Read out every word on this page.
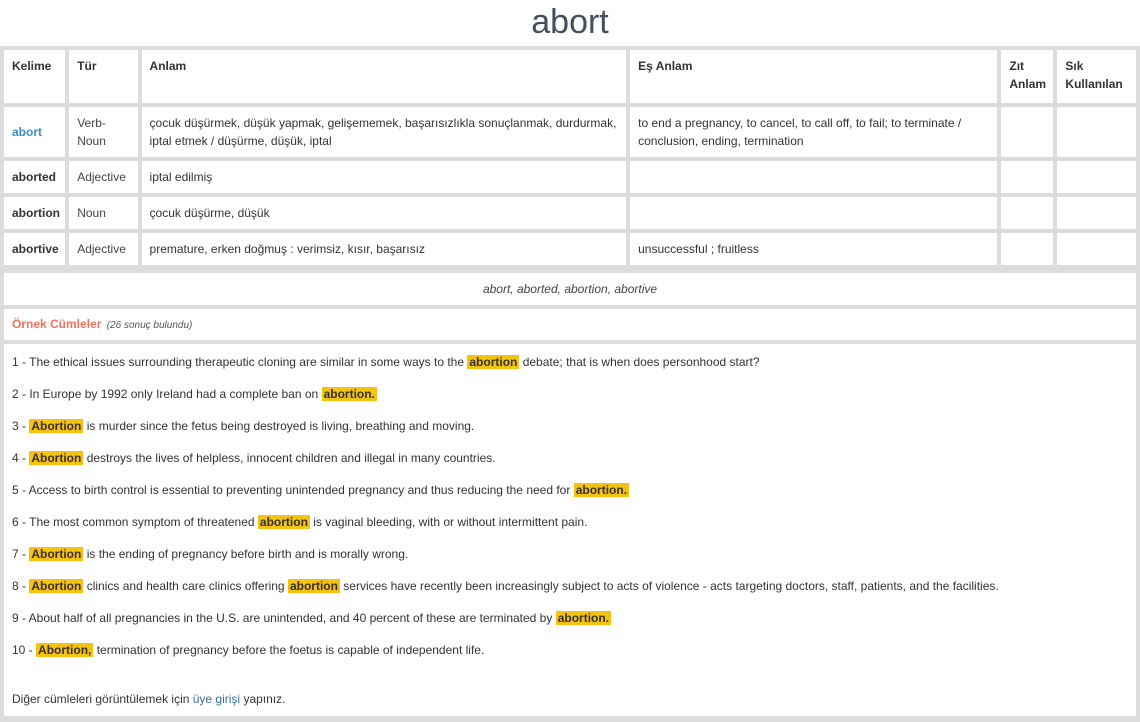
abort
Kelime	Tür	Anlam	Eş Anlam	Zıt Anlam	Sık Kullanılan
abort	Verb-Noun	çocuk düşürmek, düşük yapmak, gelişememek, başarısızlıkla sonuçlanmak, durdurmak, iptal etmek / düşürme, düşük, iptal	to end a pregnancy, to cancel, to call off, to fail; to terminate / conclusion, ending, termination		
aborted	Adjective	iptal edilmiş			
abortion	Noun	çocuk düşürme, düşük			
abortive	Adjective	premature, erken doğmuş : verimsiz, kısır, başarısız	unsuccessful ; fruitless		
abort, aborted, abortion, abortive
Örnek Cümleler (26 sonuç bulundu)
1 - The ethical issues surrounding therapeutic cloning are similar in some ways to the abortion debate; that is when does personhood start?
2 - In Europe by 1992 only Ireland had a complete ban on abortion.
3 - Abortion is murder since the fetus being destroyed is living, breathing and moving.
4 - Abortion destroys the lives of helpless, innocent children and illegal in many countries.
5 - Access to birth control is essential to preventing unintended pregnancy and thus reducing the need for abortion.
6 - The most common symptom of threatened abortion is vaginal bleeding, with or without intermittent pain.
7 - Abortion is the ending of pregnancy before birth and is morally wrong.
8 - Abortion clinics and health care clinics offering abortion services have recently been increasingly subject to acts of violence - acts targeting doctors, staff, patients, and the facilities.
9 - About half of all pregnancies in the U.S. are unintended, and 40 percent of these are terminated by abortion.
10 - Abortion, termination of pregnancy before the foetus is capable of independent life.
Diğer cümleleri görüntülemek için üye girişi yapınız.
